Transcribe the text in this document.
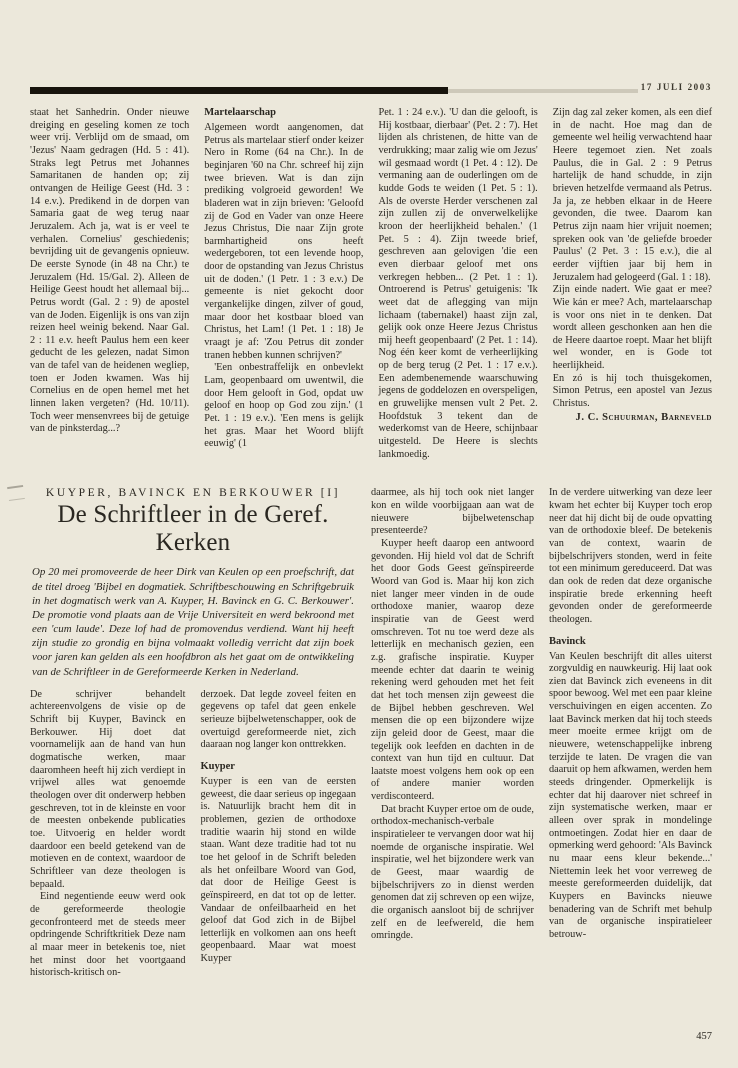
17 JULI 2003

staat het Sanhedrin. Onder nieuwe dreiging en geseling komen ze toch weer vrij. Verblijd om de smaad, om 'Jezus' Naam gedragen (Hd. 5 : 41). Straks legt Petrus met Johannes Samaritanen de handen op; zij ontvangen de Heilige Geest (Hd. 3 : 14 e.v.). Predikend in de dorpen van Samaria gaat de weg terug naar Jeruzalem. Ach ja, wat is er veel te verhalen. Cornelius' geschiedenis; bevrijding uit de gevangenis opnieuw. De eerste Synode (in 48 na Chr.) te Jeruzalem (Hd. 15/Gal. 2). Alleen de Heilige Geest houdt het allemaal bij... Petrus wordt (Gal. 2 : 9) de apostel van de Joden. Eigenlijk is ons van zijn reizen heel weinig bekend. Naar Gal. 2 : 11 e.v. heeft Paulus hem een keer geducht de les gelezen, nadat Simon van de tafel van de heidenen wegliep, toen er Joden kwamen. Was hij Cornelius en de open hemel met het linnen laken vergeten? (Hd. 10/11). Toch weer mensenvrees bij de getuige van de pinksterdag...?

Martelaarschap

Algemeen wordt aangenomen, dat Petrus als martelaar stierf onder keizer Nero in Rome (64 na Chr.). In de beginjaren '60 na Chr. schreef hij zijn twee brieven. Wat is dan zijn prediking volgroeid geworden! We bladeren wat in zijn brieven: 'Geloofd zij de God en Vader van onze Heere Jezus Christus, Die naar Zijn grote barmhartigheid ons heeft wedergeboren, tot een levende hoop, door de opstanding van Jezus Christus uit de doden.' (1 Petr. 1 : 3 e.v.) De gemeente is niet gekocht door vergankelijke dingen, zilver of goud, maar door het kostbaar bloed van Christus, het Lam! (1 Pet. 1 : 18) Je vraagt je af: 'Zou Petrus dit zonder tranen hebben kunnen schrijven?'

'Een onbestraffelijk en onbevlekt Lam, geopenbaard om uwentwil, die door Hem gelooft in God, opdat uw geloof en hoop op God zou zijn.' (1 Pet. 1 : 19 e.v.). 'Een mens is gelijk het gras. Maar het Woord blijft eeuwig' (1

Pet. 1 : 24 e.v.). 'U dan die gelooft, is Hij kostbaar, dierbaar' (Pet. 2 : 7). Het lijden als christenen, de hitte van de verdrukking; maar zalig wie om Jezus' wil gesmaad wordt (1 Pet. 4 : 12). De vermaning aan de ouderlingen om de kudde Gods te weiden (1 Pet. 5 : 1). Als de overste Herder verschenen zal zijn zullen zij de onverwelkelijke kroon der heerlijkheid behalen.' (1 Pet. 5 : 4). Zijn tweede brief, geschreven aan gelovigen 'die een even dierbaar geloof met ons verkregen hebben... (2 Pet. 1 : 1). Ontroerend is Petrus' getuigenis: 'Ik weet dat de aflegging van mijn lichaam (tabernakel) haast zijn zal, gelijk ook onze Heere Jezus Christus mij heeft geopenbaard' (2 Pet. 1 : 14). Nog één keer komt de verheerlijking op de berg terug (2 Pet. 1 : 17 e.v.). Een adembenemende waarschuwing jegens de goddelozen en overspeligen, en gruwelijke mensen vult 2 Pet. 2. Hoofdstuk 3 tekent dan de wederkomst van de Heere, schijnbaar uitgesteld. De Heere is slechts lankmoedig.

Zijn dag zal zeker komen, als een dief in de nacht. Hoe mag dan de gemeente wel heilig verwachtend haar Heere tegemoet zien. Net zoals Paulus, die in Gal. 2 : 9 Petrus hartelijk de hand schudde, in zijn brieven hetzelfde vermaand als Petrus. Ja ja, ze hebben elkaar in de Heere gevonden, die twee. Daarom kan Petrus zijn naam hier vrijuit noemen; spreken ook van 'de geliefde broeder Paulus' (2 Pet. 3 : 15 e.v.), die al eerder vijftien jaar bij hem in Jeruzalem had gelogeerd (Gal. 1 : 18).

Zijn einde nadert. Wie gaat er mee? Wie kán er mee? Ach, martelaarschap is voor ons niet in te denken. Dat wordt alleen geschonken aan hen die de Heere daartoe roept. Maar het blijft wel wonder, en is Gode tot heerlijkheid.

En zó is hij toch thuisgekomen, Simon Petrus, een apostel van Jezus Christus.

J. C. Schuurman, Barneveld

KUYPER, BAVINCK EN BERKOUWER [I]
De Schriftleer in de Geref. Kerken

Op 20 mei promoveerde de heer Dirk van Keulen op een proefschrift, dat de titel droeg 'Bijbel en dogmatiek. Schriftbeschouwing en Schriftgebruik in het dogmatisch werk van A. Kuyper, H. Bavinck en G. C. Berkouwer'. De promotie vond plaats aan de Vrije Universiteit en werd bekroond met een 'cum laude'. Deze lof had de promovendus verdiend. Want hij heeft zijn studie zo grondig en bijna volmaakt volledig verricht dat zijn boek voor jaren kan gelden als een hoofdbron als het gaat om de ontwikkeling van de Schriftleer in de Gereformeerde Kerken in Nederland.

De schrijver behandelt achtereenvolgens de visie op de Schrift bij Kuyper, Bavinck en Berkouwer. Hij doet dat voornamelijk aan de hand van hun dogmatische werken, maar daaromheen heeft hij zich verdiept in vrijwel alles wat genoemde theologen over dit onderwerp hebben geschreven, tot in de kleinste en voor de meesten onbekende publicaties toe. Uitvoerig en helder wordt daardoor een beeld getekend van de motieven en de context, waardoor de Schriftleer van deze theologen is bepaald.

Eind negentiende eeuw werd ook de gereformeerde theologie geconfronteerd met de steeds meer opdringende Schriftkritiek Deze nam al maar meer in betekenis toe, niet het minst door het voortgaand historisch-kritisch on-

derzoek. Dat legde zoveel feiten en gegevens op tafel dat geen enkele serieuze bijbelwetenschapper, ook de overtuigd gereformeerde niet, zich daaraan nog langer kon onttrekken.

Kuyper

Kuyper is een van de eersten geweest, die daar serieus op ingegaan is. Natuurlijk bracht hem dit in problemen, gezien de orthodoxe traditie waarin hij stond en wilde staan. Want deze traditie had tot nu toe het geloof in de Schrift beleden als het onfeilbare Woord van God, dat door de Heilige Geest is geïnspireerd, en dat tot op de letter. Vandaar de onfeilbaarheid en het geloof dat God zich in de Bijbel letterlijk en volkomen aan ons heeft geopenbaard. Maar wat moest Kuyper

daarmee, als hij toch ook niet langer kon en wilde voorbijgaan aan wat de nieuwere bijbelwetenschap presenteerde?

Kuyper heeft daarop een antwoord gevonden. Hij hield vol dat de Schrift het door Gods Geest geïnspireerde Woord van God is. Maar hij kon zich niet langer meer vinden in de oude orthodoxe manier, waarop deze inspiratie van de Geest werd omschreven. Tot nu toe werd deze als letterlijk en mechanisch gezien, een z.g. grafische inspiratie. Kuyper meende echter dat daarin te weinig rekening werd gehouden met het feit dat het toch mensen zijn geweest die de Bijbel hebben geschreven. Wel mensen die op een bijzondere wijze zijn geleid door de Geest, maar die tegelijk ook leefden en dachten in de context van hun tijd en cultuur. Dat laatste moest volgens hem ook op een of andere manier worden verdisconteerd.

Dat bracht Kuyper ertoe om de oude, orthodox-mechanisch-verbale inspiratieleer te vervangen door wat hij noemde de organische inspiratie. Wel inspiratie, wel het bijzondere werk van de Geest, maar waardig de bijbelschrijvers zo in dienst werden genomen dat zij schreven op een wijze, die organisch aansloot bij de schrijver zelf en de leefwereld, die hem omringde.

In de verdere uitwerking van deze leer kwam het echter bij Kuyper toch erop neer dat hij dicht bij de oude opvatting van de orthodoxie bleef. De betekenis van de context, waarin de bijbelschrijvers stonden, werd in feite tot een minimum gereduceerd. Dat was dan ook de reden dat deze organische inspiratie brede erkenning heeft gevonden onder de gereformeerde theologen.

Bavinck

Van Keulen beschrijft dit alles uiterst zorgvuldig en nauwkeurig. Hij laat ook zien dat Bavinck zich eveneens in dit spoor bewoog. Wel met een paar kleine verschuivingen en eigen accenten. Zo laat Bavinck merken dat hij toch steeds meer moeite ermee krijgt om de nieuwere, wetenschappelijke inbreng terzijde te laten. De vragen die van daaruit op hem afkwamen, werden hem steeds dringender. Opmerkelijk is echter dat hij daarover niet schreef in zijn systematische werken, maar er alleen over sprak in mondelinge ontmoetingen. Zodat hier en daar de opmerking werd gehoord: 'Als Bavinck nu maar eens kleur bekende...' Niettemin leek het voor verreweg de meeste gereformeerden duidelijk, dat Kuypers en Bavincks nieuwe benadering van de Schrift met behulp van de organische inspiratieleer betrouw-

457
